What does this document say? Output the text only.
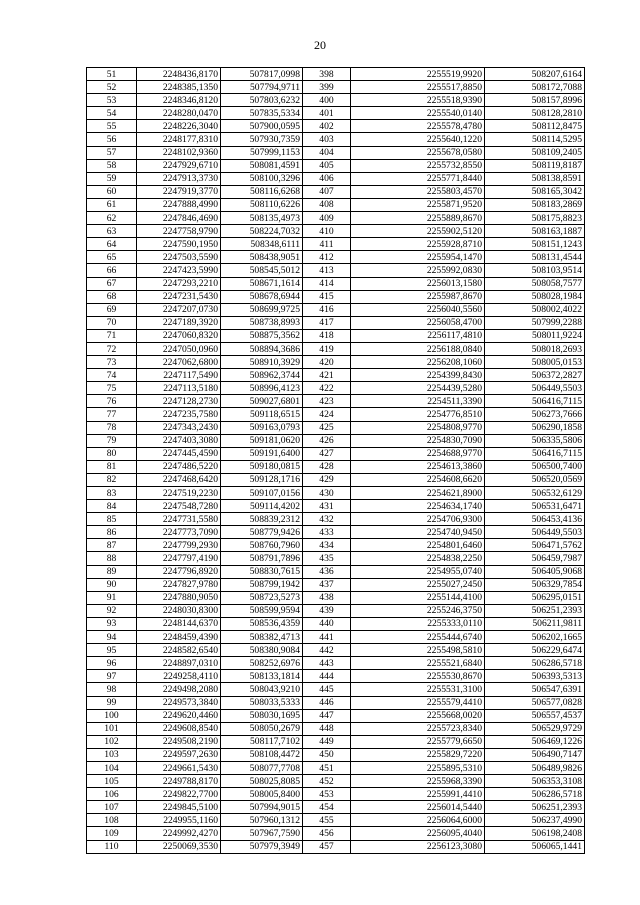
20
51	2248436,8170	507817,0998	398	2255519,9920	508207,6164
52	2248385,1350	507794,9711	399	2255517,8850	508172,7088
53	2248346,8120	507803,6232	400	2255518,9390	508157,8996
54	2248280,0470	507835,5334	401	2255540,0140	508128,2810
55	2248226,3040	507900,0595	402	2255578,4780	508112,8475
56	2248177,8310	507930,7359	403	2255640,1220	508114,5295
57	2248102,9360	507999,1153	404	2255678,0580	508109,2405
58	2247929,6710	508081,4591	405	2255732,8550	508119,8187
59	2247913,3730	508100,3296	406	2255771,8440	508138,8591
60	2247919,3770	508116,6268	407	2255803,4570	508165,3042
61	2247888,4990	508110,6226	408	2255871,9520	508183,2869
62	2247846,4690	508135,4973	409	2255889,8670	508175,8823
63	2247758,9790	508224,7032	410	2255902,5120	508163,1887
64	2247590,1950	508348,6111	411	2255928,8710	508151,1243
65	2247503,5590	508438,9051	412	2255954,1470	508131,4544
66	2247423,5990	508545,5012	413	2255992,0830	508103,9514
67	2247293,2210	508671,1614	414	2256013,1580	508058,7577
68	2247231,5430	508678,6944	415	2255987,8670	508028,1984
69	2247207,0730	508699,9725	416	2256040,5560	508002,4022
70	2247189,3920	508738,8993	417	2256058,4700	507999,2288
71	2247060,8320	508875,3562	418	2256117,4810	508011,9224
72	2247050,0960	508894,3686	419	2256188,0840	508018,2693
73	2247062,6800	508910,3929	420	2256208,1060	508005,0153
74	2247117,5490	508962,3744	421	2254399,8430	506372,2827
75	2247113,5180	508996,4123	422	2254439,5280	506449,5503
76	2247128,2730	509027,6801	423	2254511,3390	506416,7115
77	2247235,7580	509118,6515	424	2254776,8510	506273,7666
78	2247343,2430	509163,0793	425	2254808,9770	506290,1858
79	2247403,3080	509181,0620	426	2254830,7090	506335,5806
80	2247445,4590	509191,6400	427	2254688,9770	506416,7115
81	2247486,5220	509180,0815	428	2254613,3860	506500,7400
82	2247468,6420	509128,1716	429	2254608,6620	506520,0569
83	2247519,2230	509107,0156	430	2254621,8900	506532,6129
84	2247548,7280	509114,4202	431	2254634,1740	506531,6471
85	2247731,5580	508839,2312	432	2254706,9300	506453,4136
86	2247773,7090	508779,9426	433	2254740,9450	506449,5503
87	2247799,2930	508760,7960	434	2254801,6460	506471,5762
88	2247797,4190	508791,7896	435	2254838,2250	506459,7987
89	2247796,8920	508830,7615	436	2254955,0740	506405,9068
90	2247827,9780	508799,1942	437	2255027,2450	506329,7854
91	2247880,9050	508723,5273	438	2255144,4100	506295,0151
92	2248030,8300	508599,9594	439	2255246,3750	506251,2393
93	2248144,6370	508536,4359	440	2255333,0110	506211,9811
94	2248459,4390	508382,4713	441	2255444,6740	506202,1665
95	2248582,6540	508380,9084	442	2255498,5810	506229,6474
96	2248897,0310	508252,6976	443	2255521,6840	506286,5718
97	2249258,4110	508133,1814	444	2255530,8670	506393,5313
98	2249498,2080	508043,9210	445	2255531,3100	506547,6391
99	2249573,3840	508033,5333	446	2255579,4410	506577,0828
100	2249620,4460	508030,1695	447	2255668,0020	506557,4537
101	2249608,8540	508050,2679	448	2255723,8340	506529,9729
102	2249508,2190	508117,7102	449	2255779,6650	506469,1226
103	2249597,2630	508108,4472	450	2255829,7220	506490,7147
104	2249661,5430	508077,7708	451	2255895,5310	506489,9826
105	2249788,8170	508025,8085	452	2255968,3390	506353,3108
106	2249822,7700	508005,8400	453	2255991,4410	506286,5718
107	2249845,5100	507994,9015	454	2256014,5440	506251,2393
108	2249955,1160	507960,1312	455	2256064,6000	506237,4990
109	2249992,4270	507967,7590	456	2256095,4040	506198,2408
110	2250069,3530	507979,3949	457	2256123,3080	506065,1441
